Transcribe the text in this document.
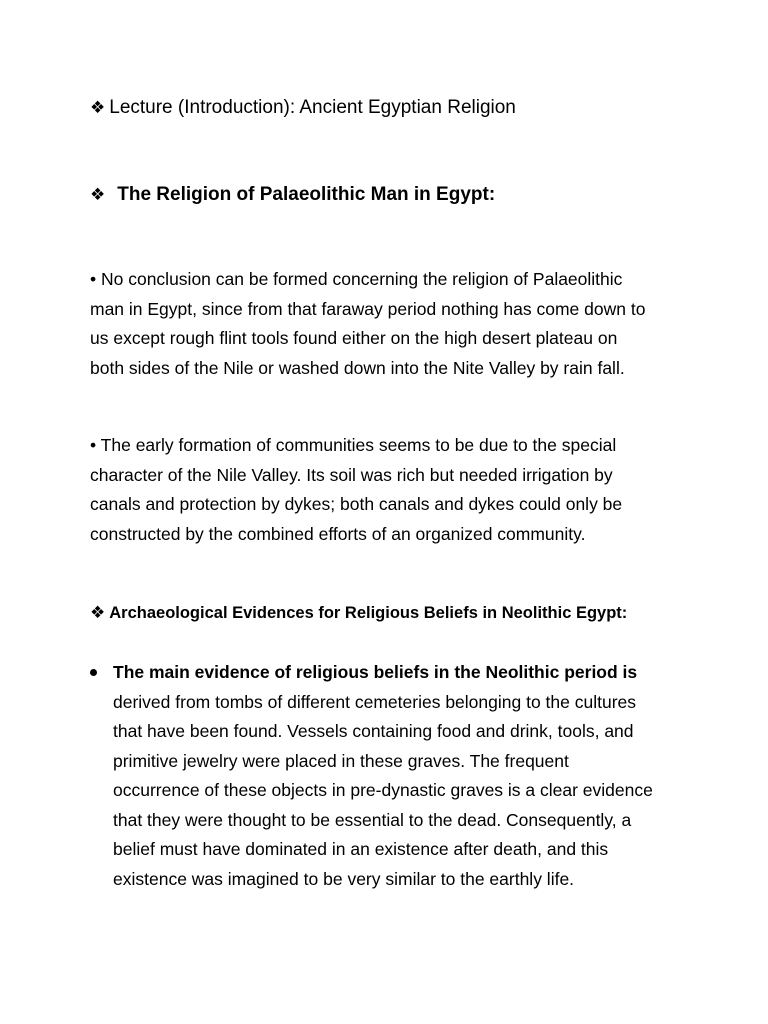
❖ Lecture (Introduction): Ancient Egyptian Religion
❖ The Religion of Palaeolithic Man in Egypt:
• No conclusion can be formed concerning the religion of Palaeolithic
man in Egypt, since from that faraway period nothing has come down to
us except rough flint tools found either on the high desert plateau on
both sides of the Nile or washed down into the Nite Valley by rain fall.
• The early formation of communities seems to be due to the special
character of the Nile Valley. Its soil was rich but needed irrigation by
canals and protection by dykes; both canals and dykes could only be
constructed by the combined efforts of an organized community.
❖ Archaeological Evidences for Religious Beliefs in Neolithic Egypt:
The main evidence of religious beliefs in the Neolithic period is
derived from tombs of different cemeteries belonging to the cultures
that have been found. Vessels containing food and drink, tools, and
primitive jewelry were placed in these graves. The frequent
occurrence of these objects in pre-dynastic graves is a clear evidence
that they were thought to be essential to the dead. Consequently, a
belief must have dominated in an existence after death, and this
existence was imagined to be very similar to the earthly life.
